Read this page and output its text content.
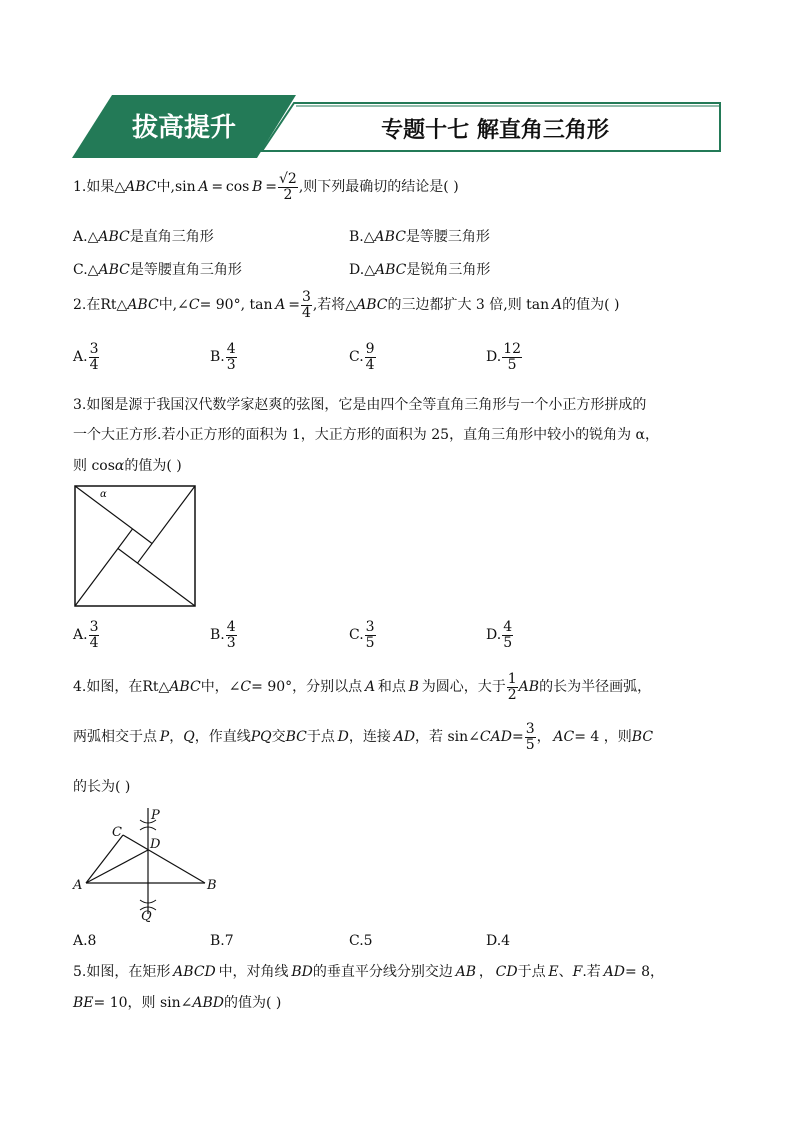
拔高提升	专题十七 解直角三角形
1.如果△ABC中,sin  $A = \cos B = \frac{√2}{2}$ ,则下列最确切的结论是( )
A.△ABC是直角三角形	B.△ABC是等腰三角形
C.△ABC是等腰直角三角形	D.△ABC是锐角三角形
2.在Rt△ABC中,∠C= 90°, $\tan A = \frac{3}{4}$ ,若将△ABC的三边都扩大 3 倍,则 tan  A的值为( )
A. $\frac{3}{4}$	B. $\frac{4}{3}$	C. $\frac{9}{4}$	D. $\frac{12}{5}$
3.如图是源于我国汉代数学家赵爽的弦图，它是由四个全等直角三角形与一个小正方形拼成的
一个大正方形.若小正方形的面积为 1，大正方形的面积为 25，直角三角形中较小的锐角为 α，
则 cosα的值为( )
α
A. $\frac{3}{4}$	B. $\frac{4}{3}$	C. $\frac{3}{5}$	D. $\frac{4}{5}$
4.如图，在Rt△ABC中，∠C= 90°，分别以点  A  和点  B  为圆心，大于 $\frac{1}{2}$ AB的长为半径画弧，
两弧相交于点  P，Q，作直线PQ交BC于点  D，连接  AD，若 sin∠CAD= $\frac{3}{5}$ ，  AC= 4 ，则BC
的长为( )
P
C
D
A	B
Q
A.8	B.7	C.5	D.4
5.如图，在矩形  ABCD  中，对角线  BD的垂直平分线分别交边  AB  ，  CD于点  E、F.若  AD= 8，
BE= 10，则 sin∠ABD的值为( )
